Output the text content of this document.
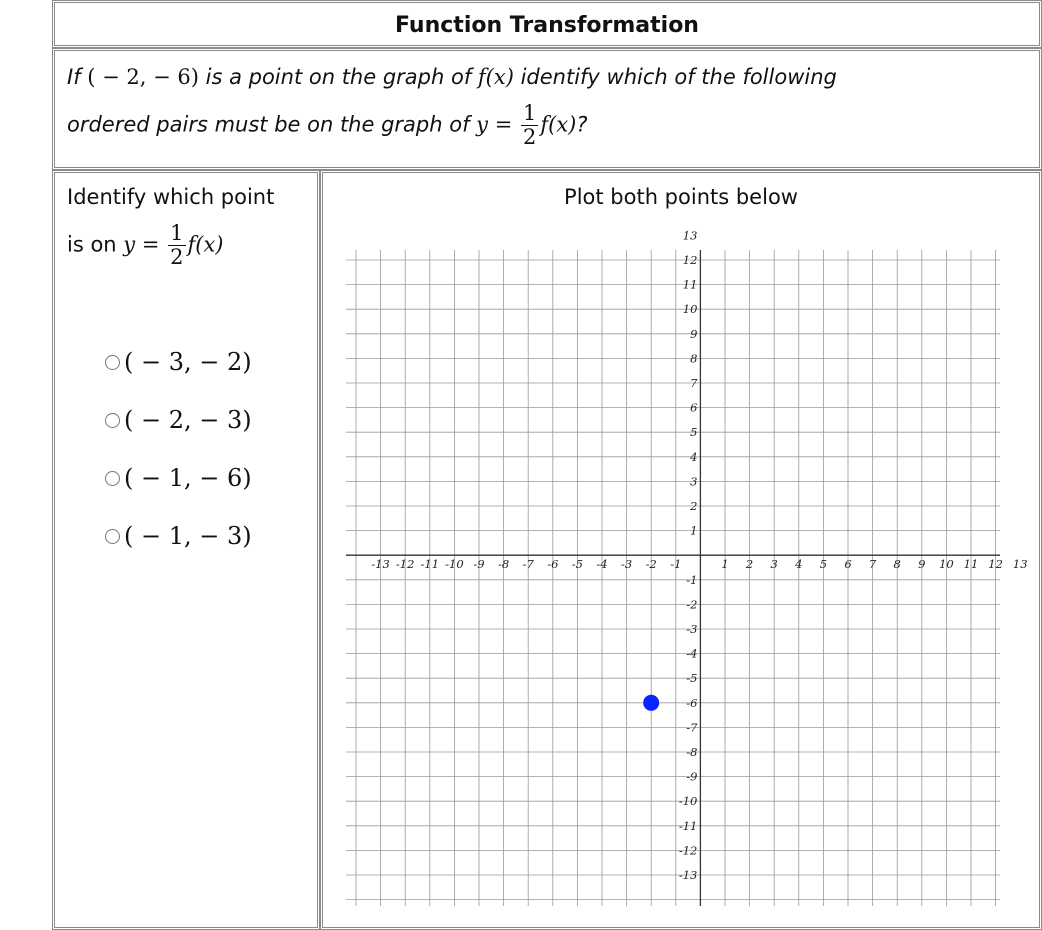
Function Transformation
If ( − 2, − 6) is a point on the graph of f(x) identify which of the following
ordered pairs must be on the graph of $y = \frac{1}{2} f(x)$?
Identify which point
is on $y = \frac{1}{2} f(x)$
( − 3, − 2)
( − 2, − 3)
( − 1, − 6)
( − 1, − 3)
Plot both points below
-13 -12 -11 -10 -9 -8 -7 -6 -5 -4 -3 -2 -1	1 2 3 4 5 6 7 8 9 10 11 12 13
13
12
11
10
9
8
7
6
5
4
3
2
1
-1
-2
-3
-4
-5
-6
-7
-8
-9
-10
-11
-12
-13
